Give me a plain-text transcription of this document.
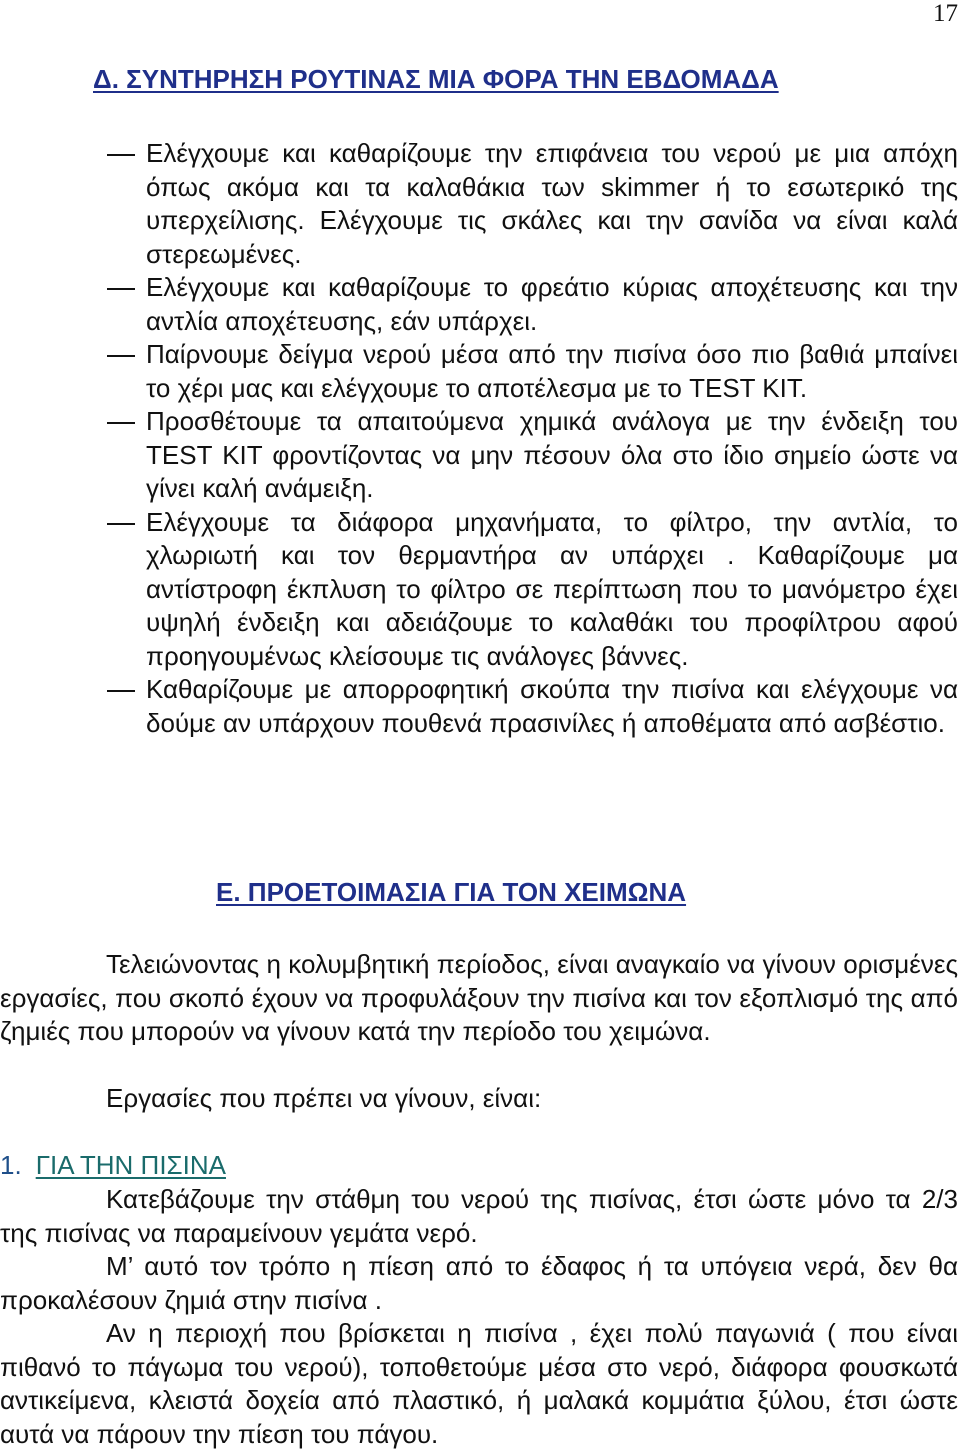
17
Δ. ΣΥΝΤΗΡΗΣΗ ΡΟΥΤΙΝΑΣ ΜΙΑ ΦΟΡΑ ΤΗΝ ΕΒΔΟΜΑΔΑ
Ελέγχουμε και καθαρίζουμε την επιφάνεια του νερού με μια απόχη όπως ακόμα και τα καλαθάκια των skimmer ή το εσωτερικό της υπερχείλισης. Ελέγχουμε τις σκάλες και την σανίδα να είναι καλά στερεωμένες.
Ελέγχουμε και καθαρίζουμε το φρεάτιο κύριας αποχέτευσης και την αντλία αποχέτευσης, εάν υπάρχει.
Παίρνουμε δείγμα νερού μέσα από την πισίνα όσο πιο βαθιά μπαίνει το χέρι μας και ελέγχουμε το αποτέλεσμα με το TEST KIT.
Προσθέτουμε τα απαιτούμενα χημικά ανάλογα με την ένδειξη του TEST KIT φροντίζοντας να μην πέσουν όλα στο ίδιο σημείο ώστε να γίνει καλή ανάμειξη.
Ελέγχουμε τα διάφορα μηχανήματα, το φίλτρο, την αντλία, το χλωριωτή και τον θερμαντήρα αν υπάρχει . Καθαρίζουμε μα αντίστροφη έκπλυση το φίλτρο σε περίπτωση που το μανόμετρο έχει υψηλή ένδειξη και αδειάζουμε το καλαθάκι του προφίλτρου αφού προηγουμένως κλείσουμε τις ανάλογες βάννες.
Καθαρίζουμε με απορροφητική σκούπα την πισίνα και ελέγχουμε να δούμε αν υπάρχουν πουθενά πρασινίλες ή αποθέματα από ασβέστιο.
Ε. ΠΡΟΕΤΟΙΜΑΣΙΑ ΓΙΑ ΤΟΝ ΧΕΙΜΩΝΑ

Τελειώνοντας η κολυμβητική περίοδος, είναι αναγκαίο να γίνουν ορισμένες εργασίες, που σκοπό έχουν να προφυλάξουν την πισίνα και τον εξοπλισμό της από ζημιές που μπορούν να γίνουν κατά την περίοδο του χειμώνα.

Εργασίες που πρέπει να γίνουν, είναι:

1. ΓΙΑ ΤΗΝ ΠΙΣΙΝΑ

Κατεβάζουμε την στάθμη του νερού της πισίνας, έτσι ώστε μόνο τα 2/3 της πισίνας να παραμείνουν γεμάτα νερό.

Μ’ αυτό τον τρόπο η πίεση από το έδαφος ή τα υπόγεια νερά, δεν θα προκαλέσουν ζημιά στην πισίνα .

Αν η περιοχή που βρίσκεται η πισίνα , έχει πολύ παγωνιά ( που είναι πιθανό το πάγωμα του νερού), τοποθετούμε μέσα στο νερό, διάφορα φουσκωτά αντικείμενα, κλειστά δοχεία από πλαστικό, ή μαλακά κομμάτια ξύλου, έτσι ώστε αυτά να πάρουν την πίεση του πάγου.
